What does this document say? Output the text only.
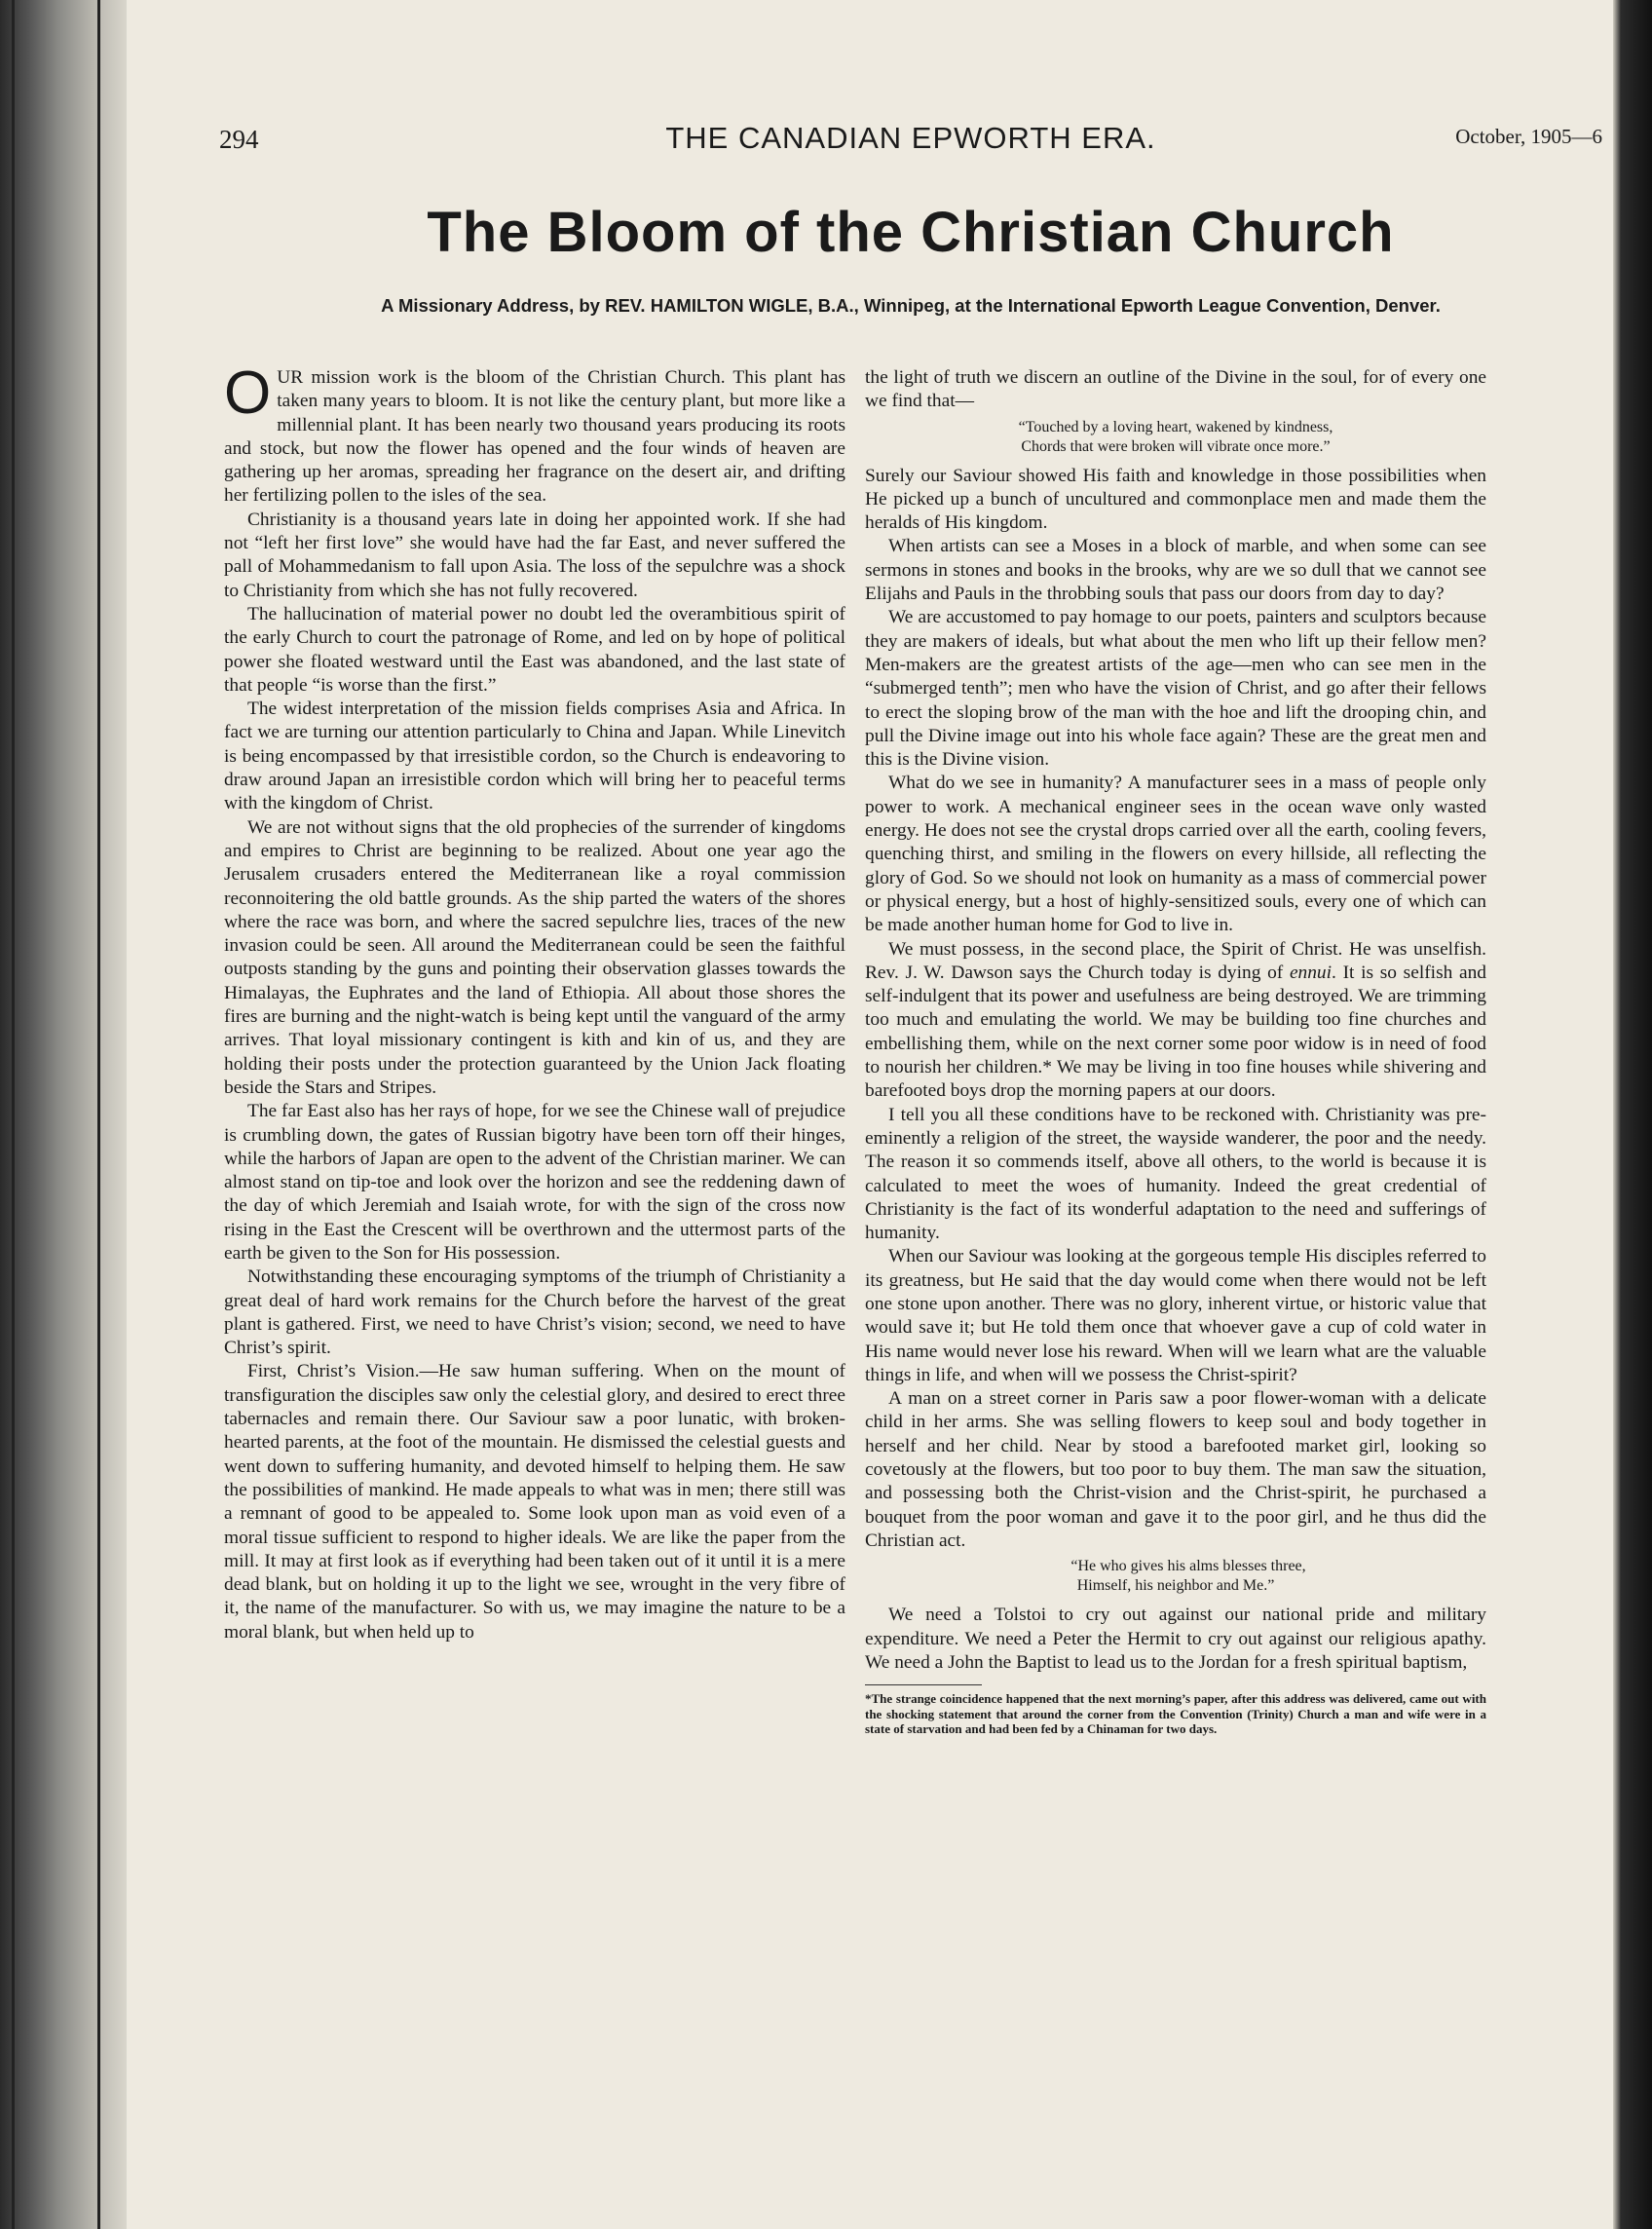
294	THE CANADIAN EPWORTH ERA.	October, 1905—6
The Bloom of the Christian Church
A Missionary Address, by REV. HAMILTON WIGLE, B.A., Winnipeg, at the International Epworth League Convention, Denver.

OUR mission work is the bloom of the Christian Church. This plant has taken many years to bloom. It is not like the century plant, but more like a millennial plant. It has been nearly two thousand years producing its roots and stock, but now the flower has opened and the four winds of heaven are gathering up her aromas, spreading her fragrance on the desert air, and drifting her fertilizing pollen to the isles of the sea.

Christianity is a thousand years late in doing her appointed work. If she had not “left her first love” she would have had the far East, and never suffered the pall of Mohammedanism to fall upon Asia. The loss of the sepulchre was a shock to Christianity from which she has not fully recovered.

The hallucination of material power no doubt led the overambitious spirit of the early Church to court the patronage of Rome, and led on by hope of political power she floated westward until the East was abandoned, and the last state of that people “is worse than the first.”

The widest interpretation of the mission fields comprises Asia and Africa. In fact we are turning our attention particularly to China and Japan. While Linevitch is being encompassed by that irresistible cordon, so the Church is endeavoring to draw around Japan an irresistible cordon which will bring her to peaceful terms with the kingdom of Christ.

We are not without signs that the old prophecies of the surrender of kingdoms and empires to Christ are beginning to be realized. About one year ago the Jerusalem crusaders entered the Mediterranean like a royal commission reconnoitering the old battle grounds. As the ship parted the waters of the shores where the race was born, and where the sacred sepulchre lies, traces of the new invasion could be seen. All around the Mediterranean could be seen the faithful outposts standing by the guns and pointing their observation glasses towards the Himalayas, the Euphrates and the land of Ethiopia. All about those shores the fires are burning and the night-watch is being kept until the vanguard of the army arrives. That loyal missionary contingent is kith and kin of us, and they are holding their posts under the protection guaranteed by the Union Jack floating beside the Stars and Stripes.

The far East also has her rays of hope, for we see the Chinese wall of prejudice is crumbling down, the gates of Russian bigotry have been torn off their hinges, while the harbors of Japan are open to the advent of the Christian mariner. We can almost stand on tip-toe and look over the horizon and see the reddening dawn of the day of which Jeremiah and Isaiah wrote, for with the sign of the cross now rising in the East the Crescent will be overthrown and the uttermost parts of the earth be given to the Son for His possession.

Notwithstanding these encouraging symptoms of the triumph of Christianity a great deal of hard work remains for the Church before the harvest of the great plant is gathered. First, we need to have Christ’s vision; second, we need to have Christ’s spirit.

First, Christ’s Vision.—He saw human suffering. When on the mount of transfiguration the disciples saw only the celestial glory, and desired to erect three tabernacles and remain there. Our Saviour saw a poor lunatic, with broken-hearted parents, at the foot of the mountain. He dismissed the celestial guests and went down to suffering humanity, and devoted himself to helping them. He saw the possibilities of mankind. He made appeals to what was in men; there still was a remnant of good to be appealed to. Some look upon man as void even of a moral tissue sufficient to respond to higher ideals. We are like the paper from the mill. It may at first look as if everything had been taken out of it until it is a mere dead blank, but on holding it up to the light we see, wrought in the very fibre of it, the name of the manufacturer. So with us, we may imagine the nature to be a moral blank, but when held up to

the light of truth we discern an outline of the Divine in the soul, for of every one we find that—

“Touched by a loving heart, wakened by kindness,
Chords that were broken will vibrate once more.”

Surely our Saviour showed His faith and knowledge in those possibilities when He picked up a bunch of uncultured and commonplace men and made them the heralds of His kingdom.

When artists can see a Moses in a block of marble, and when some can see sermons in stones and books in the brooks, why are we so dull that we cannot see Elijahs and Pauls in the throbbing souls that pass our doors from day to day?

We are accustomed to pay homage to our poets, painters and sculptors because they are makers of ideals, but what about the men who lift up their fellow men? Men-makers are the greatest artists of the age—men who can see men in the “submerged tenth”; men who have the vision of Christ, and go after their fellows to erect the sloping brow of the man with the hoe and lift the drooping chin, and pull the Divine image out into his whole face again? These are the great men and this is the Divine vision.

What do we see in humanity? A manufacturer sees in a mass of people only power to work. A mechanical engineer sees in the ocean wave only wasted energy. He does not see the crystal drops carried over all the earth, cooling fevers, quenching thirst, and smiling in the flowers on every hillside, all reflecting the glory of God. So we should not look on humanity as a mass of commercial power or physical energy, but a host of highly-sensitized souls, every one of which can be made another human home for God to live in.

We must possess, in the second place, the Spirit of Christ. He was unselfish. Rev. J. W. Dawson says the Church today is dying of ennui. It is so selfish and self-indulgent that its power and usefulness are being destroyed. We are trimming too much and emulating the world. We may be building too fine churches and embellishing them, while on the next corner some poor widow is in need of food to nourish her children.* We may be living in too fine houses while shivering and barefooted boys drop the morning papers at our doors.

I tell you all these conditions have to be reckoned with. Christianity was pre-eminently a religion of the street, the wayside wanderer, the poor and the needy. The reason it so commends itself, above all others, to the world is because it is calculated to meet the woes of humanity. Indeed the great credential of Christianity is the fact of its wonderful adaptation to the need and sufferings of humanity.

When our Saviour was looking at the gorgeous temple His disciples referred to its greatness, but He said that the day would come when there would not be left one stone upon another. There was no glory, inherent virtue, or historic value that would save it; but He told them once that whoever gave a cup of cold water in His name would never lose his reward. When will we learn what are the valuable things in life, and when will we possess the Christ-spirit?

A man on a street corner in Paris saw a poor flower-woman with a delicate child in her arms. She was selling flowers to keep soul and body together in herself and her child. Near by stood a barefooted market girl, looking so covetously at the flowers, but too poor to buy them. The man saw the situation, and possessing both the Christ-vision and the Christ-spirit, he purchased a bouquet from the poor woman and gave it to the poor girl, and he thus did the Christian act.

“He who gives his alms blesses three,
Himself, his neighbor and Me.”

We need a Tolstoi to cry out against our national pride and military expenditure. We need a Peter the Hermit to cry out against our religious apathy. We need a John the Baptist to lead us to the Jordan for a fresh spiritual baptism,

*The strange coincidence happened that the next morning’s paper, after this address was delivered, came out with the shocking statement that around the corner from the Convention (Trinity) Church a man and wife were in a state of starvation and had been fed by a Chinaman for two days.
